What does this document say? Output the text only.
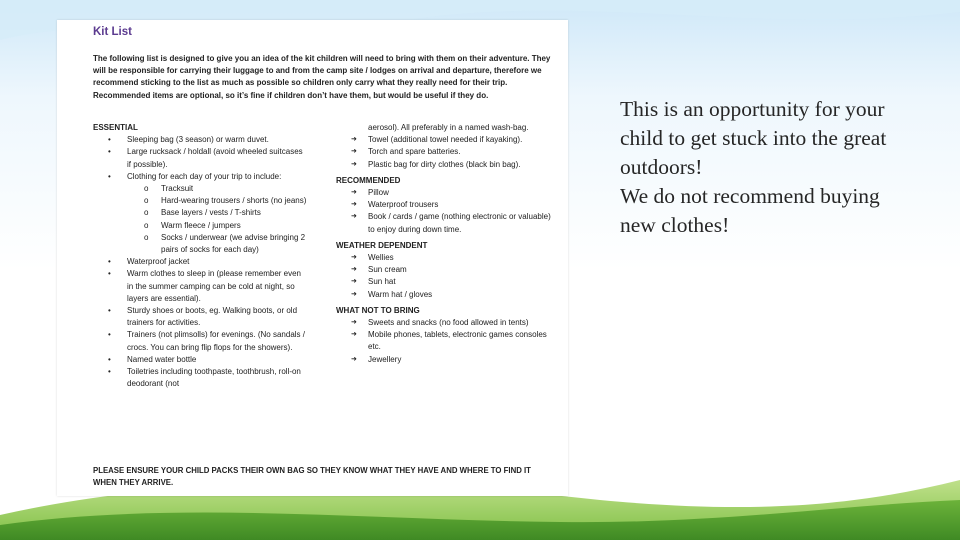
Kit List
The following list is designed to give you an idea of the kit children will need to bring with them on their adventure. They will be responsible for carrying their luggage to and from the camp site / lodges on arrival and departure, therefore we recommend sticking to the list as much as possible so children only carry what they really need for their trip. Recommended items are optional, so it’s fine if children don’t have them, but would be useful if they do.

ESSENTIAL

• Sleeping bag (3 season) or warm duvet.
• Large rucksack / holdall (avoid wheeled suitcases if possible).
• Clothing for each day of your trip to include:
o Tracksuit
o Hard-wearing trousers / shorts (no jeans)
o Base layers / vests / T-shirts
o Warm fleece / jumpers
o Socks / underwear (we advise bringing 2 pairs of socks for each day)
• Waterproof jacket
• Warm clothes to sleep in (please remember even in the summer camping can be cold at night, so layers are essential).
• Sturdy shoes or boots, eg. Walking boots, or old trainers for activities.
• Trainers (not plimsolls) for evenings. (No sandals / crocs. You can bring flip flops for the showers).
• Named water bottle
• Toiletries including toothpaste, toothbrush, roll-on deodorant (not
aerosol). All preferably in a named wash-bag.
➜ Towel (additional towel needed if kayaking).
➜ Torch and spare batteries.
➜ Plastic bag for dirty clothes (black bin bag).

RECOMMENDED

➜ Pillow
➜ Waterproof trousers
➜ Book / cards / game (nothing electronic or valuable) to enjoy during down time.

WEATHER DEPENDENT

➜ Wellies
➜ Sun cream
➜ Sun hat
➜ Warm hat / gloves

WHAT NOT TO BRING

➜ Sweets and snacks (no food allowed in tents)
➜ Mobile phones, tablets, electronic games consoles etc.
➜ Jewellery
PLEASE ENSURE YOUR CHILD PACKS THEIR OWN BAG SO THEY KNOW WHAT THEY HAVE AND WHERE TO FIND IT WHEN THEY ARRIVE.

This is an opportunity for your child to get stuck into the great outdoors!

We do not recommend buying new clothes!
